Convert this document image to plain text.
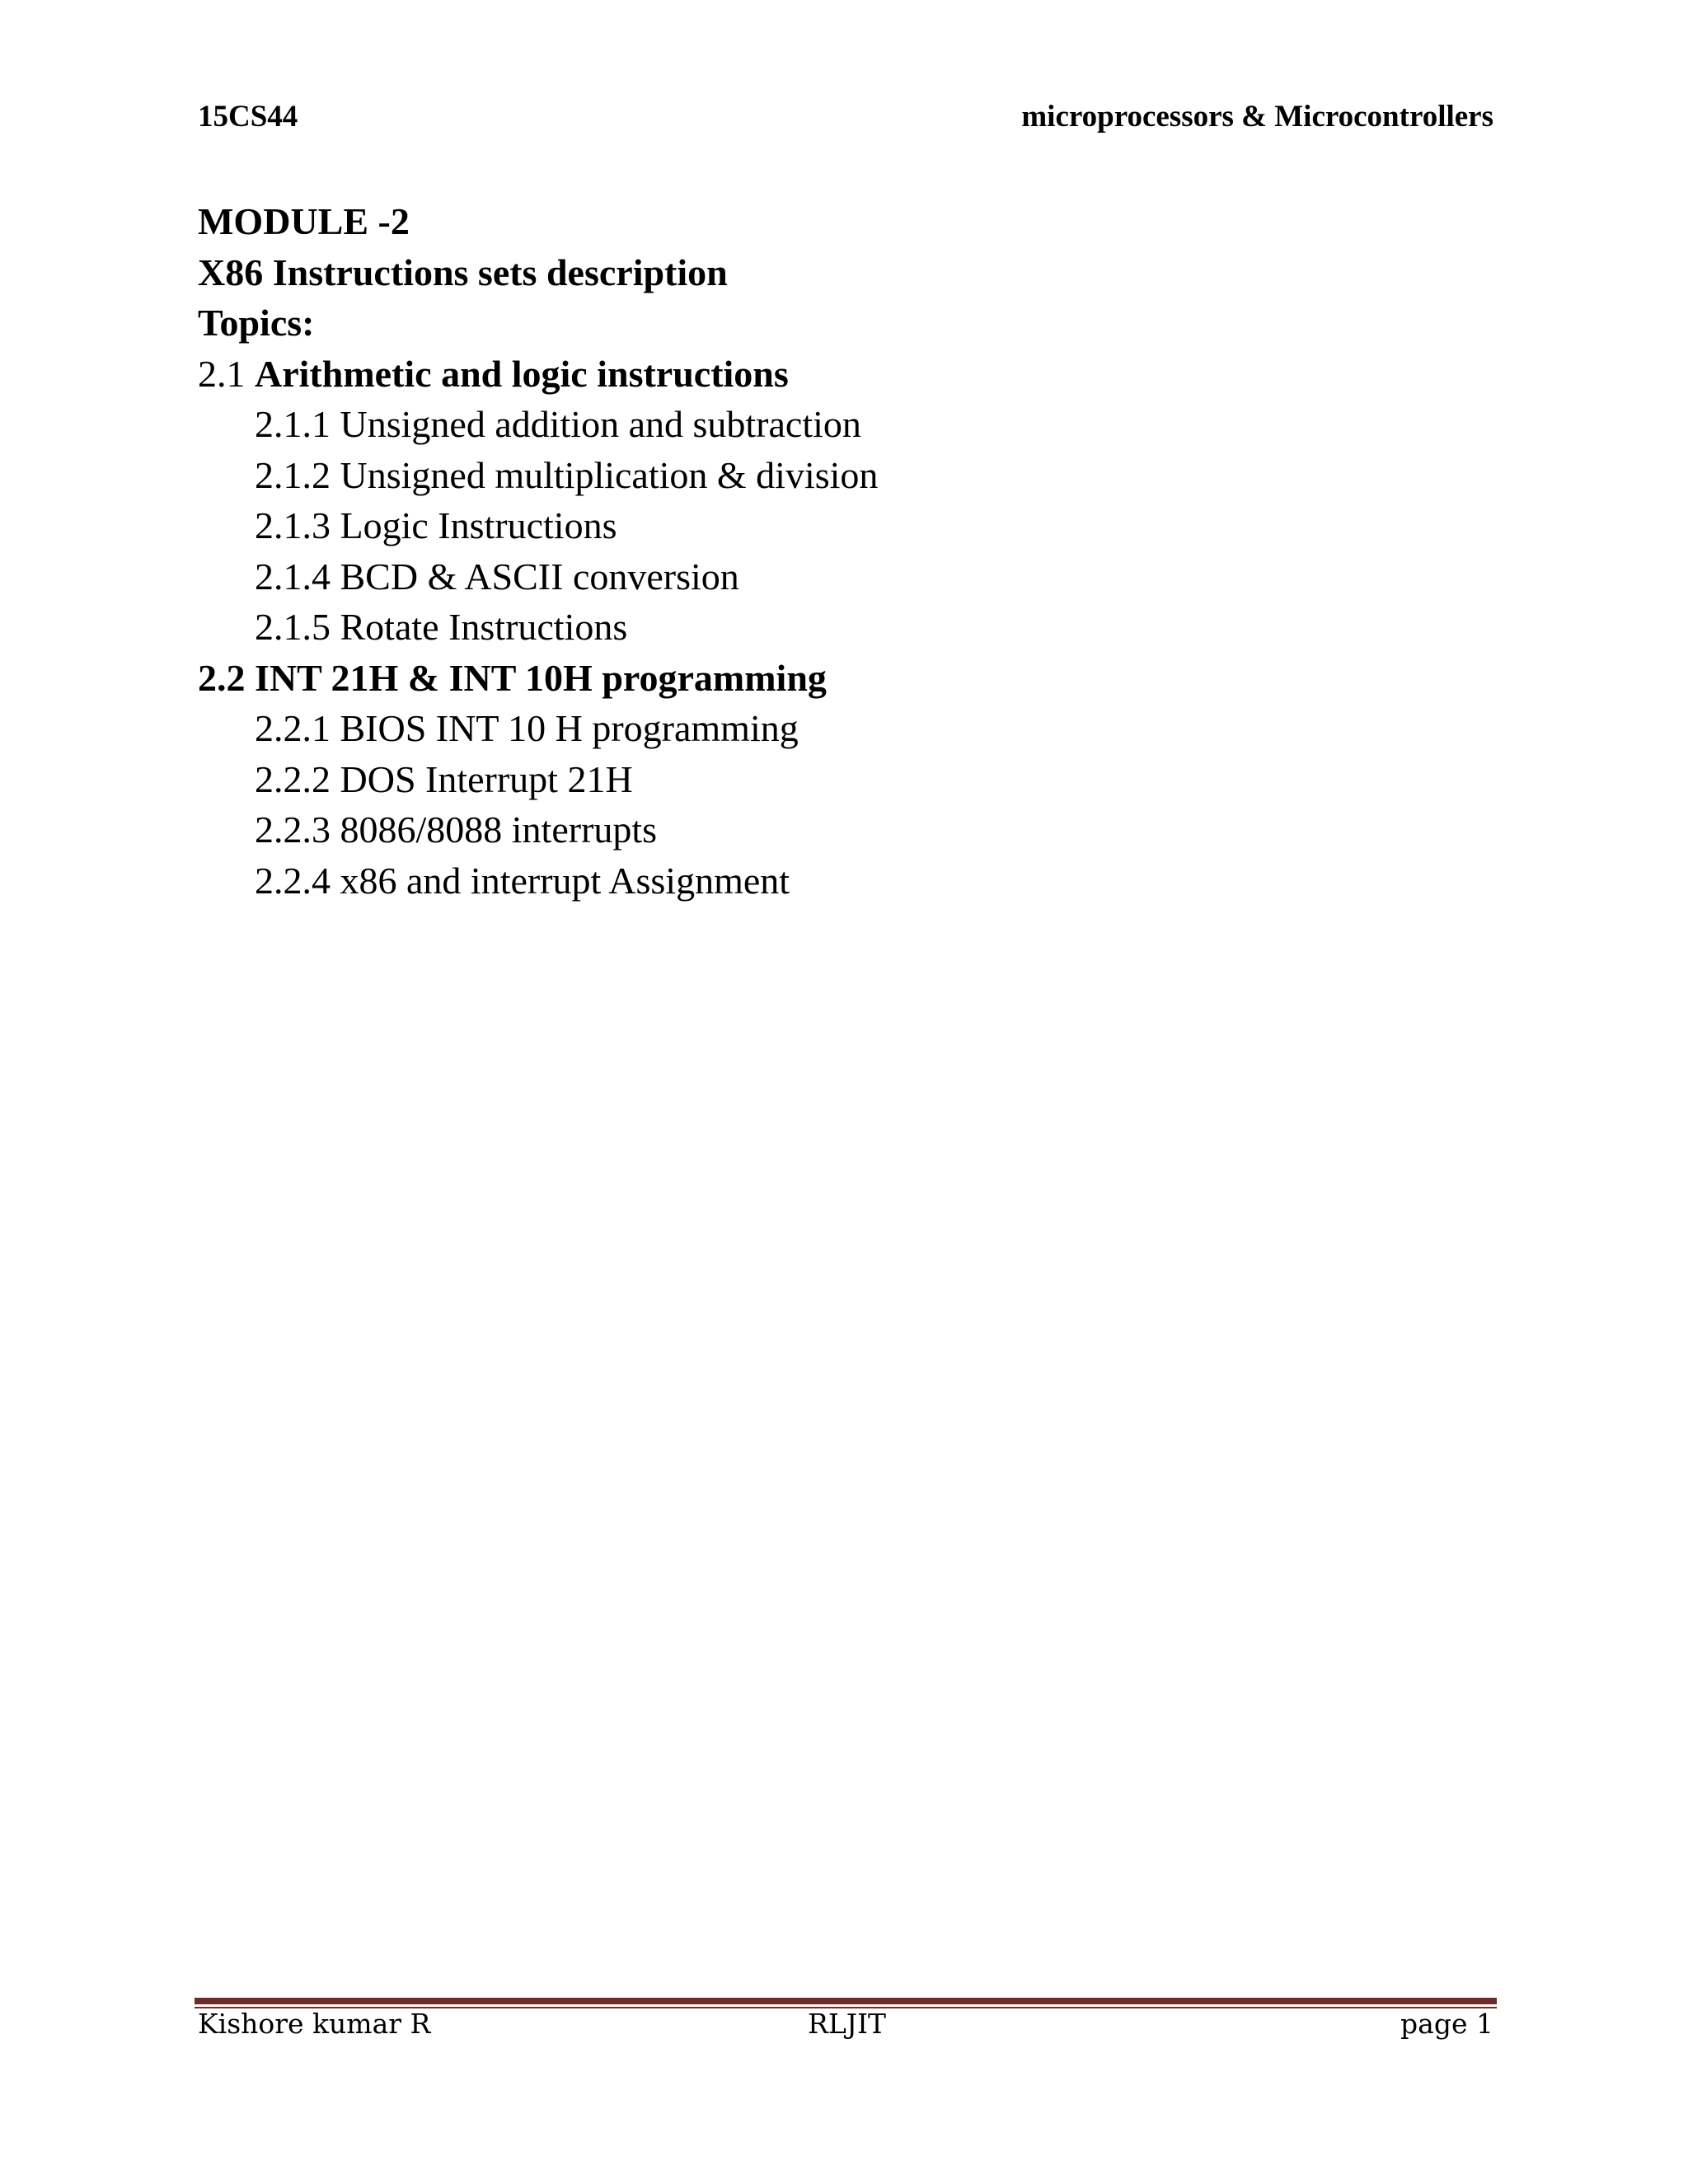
15CS44	microprocessors & Microcontrollers
MODULE -2
X86 Instructions sets description
Topics:
2.1 Arithmetic and logic instructions
2.1.1 Unsigned addition and subtraction
2.1.2 Unsigned multiplication & division
2.1.3 Logic Instructions
2.1.4 BCD & ASCII conversion
2.1.5 Rotate Instructions
2.2 INT 21H & INT 10H programming
2.2.1 BIOS INT 10 H programming
2.2.2 DOS Interrupt 21H
2.2.3 8086/8088 interrupts
2.2.4 x86 and interrupt Assignment
Kishore kumar R	RLJIT	page 1
